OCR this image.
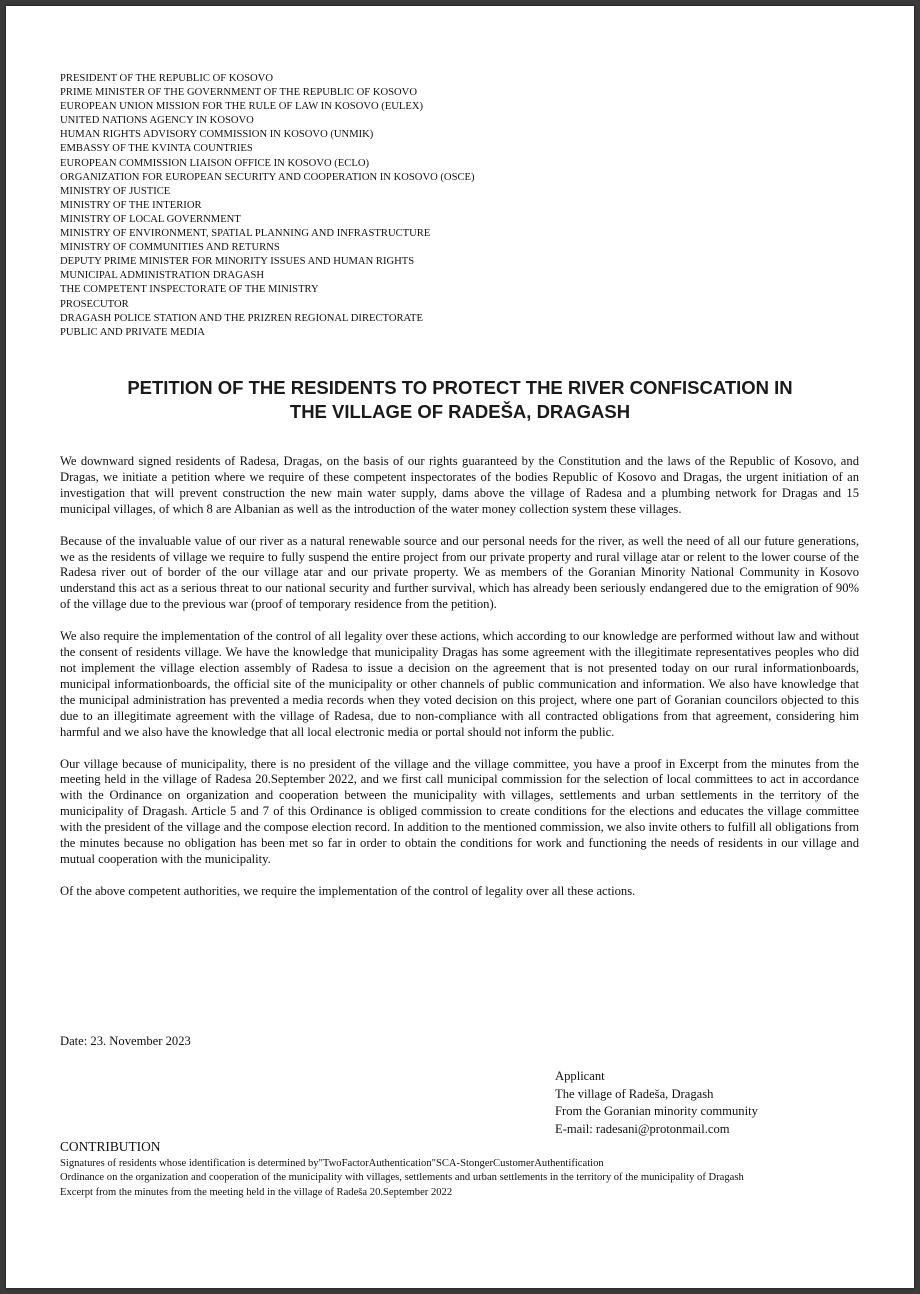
PRESIDENT OF THE REPUBLIC OF KOSOVO
PRIME MINISTER OF THE GOVERNMENT OF THE REPUBLIC OF KOSOVO
EUROPEAN UNION MISSION FOR THE RULE OF LAW IN KOSOVO (EULEX)
UNITED NATIONS AGENCY IN KOSOVO
HUMAN RIGHTS ADVISORY COMMISSION IN KOSOVO (UNMIK)
EMBASSY OF THE KVINTA COUNTRIES
EUROPEAN COMMISSION LIAISON OFFICE IN KOSOVO (ECLO)
ORGANIZATION FOR EUROPEAN SECURITY AND COOPERATION IN KOSOVO (OSCE)
MINISTRY OF JUSTICE
MINISTRY OF THE INTERIOR
MINISTRY OF LOCAL GOVERNMENT
MINISTRY OF ENVIRONMENT, SPATIAL PLANNING AND INFRASTRUCTURE
MINISTRY OF COMMUNITIES AND RETURNS
DEPUTY PRIME MINISTER FOR MINORITY ISSUES AND HUMAN RIGHTS
MUNICIPAL ADMINISTRATION DRAGASH
THE COMPETENT INSPECTORATE OF THE MINISTRY
PROSECUTOR
DRAGASH POLICE STATION AND THE PRIZREN REGIONAL DIRECTORATE
PUBLIC AND PRIVATE MEDIA
PETITION OF THE RESIDENTS TO PROTECT THE RIVER CONFISCATION IN
THE VILLAGE OF RADEŠA, DRAGASH

We downward signed residents of Radesa, Dragas, on the basis of our rights guaranteed by the Constitution and the laws of the Republic of Kosovo, and Dragas, we initiate a petition where we require of these competent inspectorates of the bodies Republic of Kosovo and Dragas, the urgent initiation of an investigation that will prevent construction the new main water supply, dams above the village of Radesa and a plumbing network for Dragas and 15 municipal villages, of which 8 are Albanian as well as the introduction of the water money collection system these villages.

Because of the invaluable value of our river as a natural renewable source and our personal needs for the river, as well the need of all our future generations, we as the residents of village we require to fully suspend the entire project from our private property and rural village atar or relent to the lower course of the Radesa river out of border of the our village atar and our private property. We as members of the Goranian Minority National Community in Kosovo understand this act as a serious threat to our national security and further survival, which has already been seriously endangered due to the emigration of 90% of the village due to the previous war (proof of temporary residence from the petition).

We also require the implementation of the control of all legality over these actions, which according to our knowledge are performed without law and without the consent of residents village. We have the knowledge that municipality Dragas has some agreement with the illegitimate representatives peoples who did not implement the village election assembly of Radesa to issue a decision on the agreement that is not presented today on our rural informationboards, municipal informationboards, the official site of the municipality or other channels of public communication and information. We also have knowledge that the municipal administration has prevented a media records when they voted decision on this project, where one part of Goranian councilors objected to this due to an illegitimate agreement with the village of Radesa, due to non-compliance with all contracted obligations from that agreement, considering him harmful and we also have the knowledge that all local electronic media or portal should not inform the public.

Our village because of municipality, there is no president of the village and the village committee, you have a proof in Excerpt from the minutes from the meeting held in the village of Radesa 20.September 2022, and we first call municipal commission for the selection of local committees to act in accordance with the Ordinance on organization and cooperation between the municipality with villages, settlements and urban settlements in the territory of the municipality of Dragash. Article 5 and 7 of this Ordinance is obliged commission to create conditions for the elections and educates the village committee with the president of the village and the compose election record. In addition to the mentioned commission, we also invite others to fulfill all obligations from the minutes because no obligation has been met so far in order to obtain the conditions for work and functioning the needs of residents in our village and mutual cooperation with the municipality.

Of the above competent authorities, we require the implementation of the control of legality over all these actions.

Date: 23. November 2023
Applicant
The village of Radeša, Dragash
From the Goranian minority community
E-mail: radesani@protonmail.com
CONTRIBUTION
Signatures of residents whose identification is determined by"TwoFactorAuthentication"SCA-StongerCustomerAuthentification
Ordinance on the organization and cooperation of the municipality with villages, settlements and urban settlements in the territory of the municipality of Dragash
Excerpt from the minutes from the meeting held in the village of Radeša 20.September 2022
